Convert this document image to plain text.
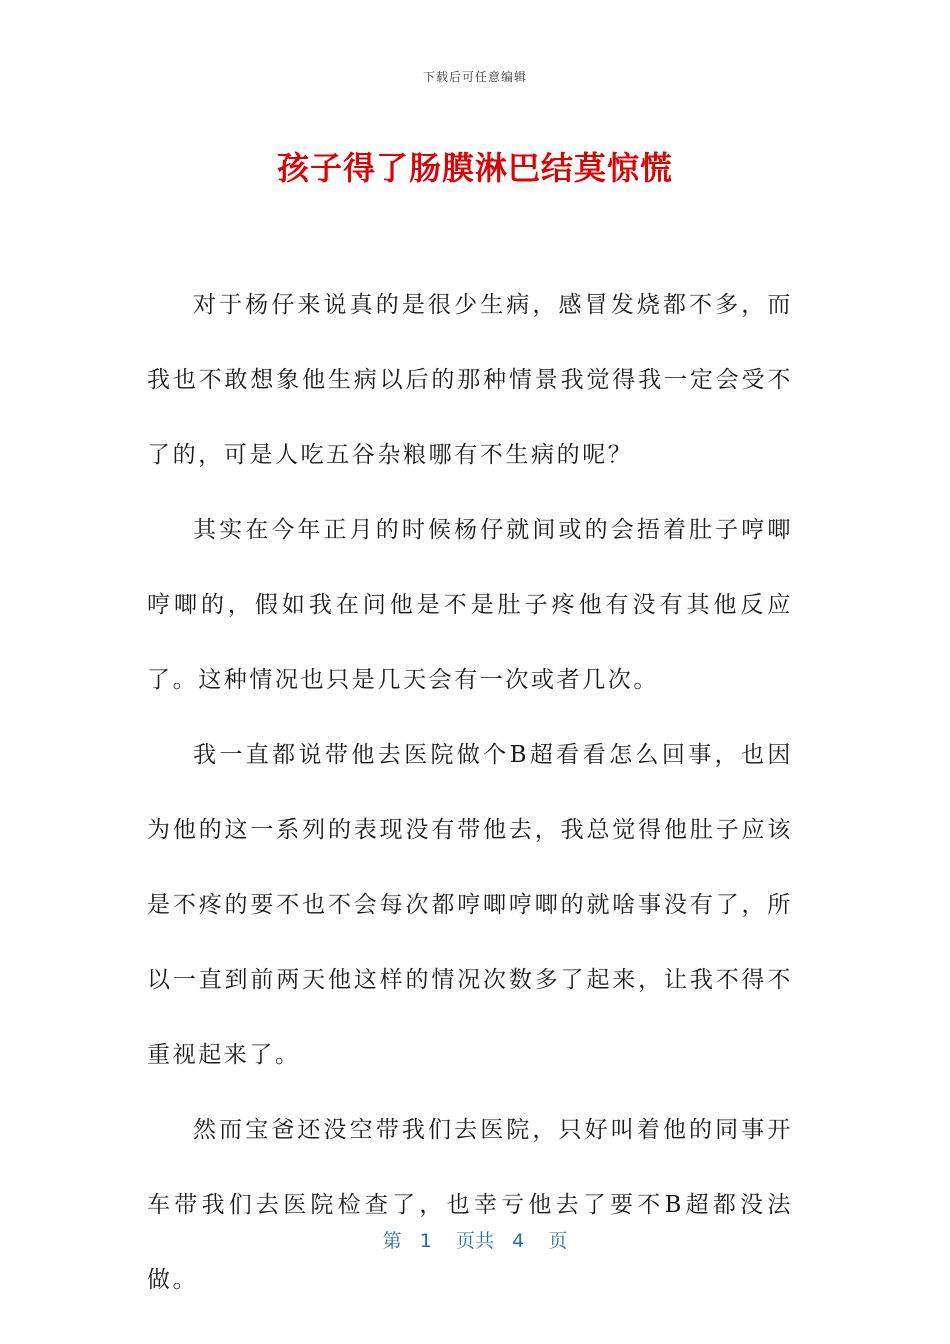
下载后可任意编辑
孩子得了肠膜淋巴结莫惊慌

对于杨仔来说真的是很少生病，感冒发烧都不多，而我也不敢想象他生病以后的那种情景我觉得我一定会受不了的，可是人吃五谷杂粮哪有不生病的呢？

其实在今年正月的时候杨仔就间或的会捂着肚子哼唧哼唧的，假如我在问他是不是肚子疼他有没有其他反应了。这种情况也只是几天会有一次或者几次。

我一直都说带他去医院做个B超看看怎么回事，也因为他的这一系列的表现没有带他去，我总觉得他肚子应该是不疼的要不也不会每次都哼唧哼唧的就啥事没有了，所以一直到前两天他这样的情况次数多了起来，让我不得不重视起来了。

然而宝爸还没空带我们去医院，只好叫着他的同事开车带我们去医院检查了，也幸亏他去了要不B超都没法做。

第 1 页共 4 页
